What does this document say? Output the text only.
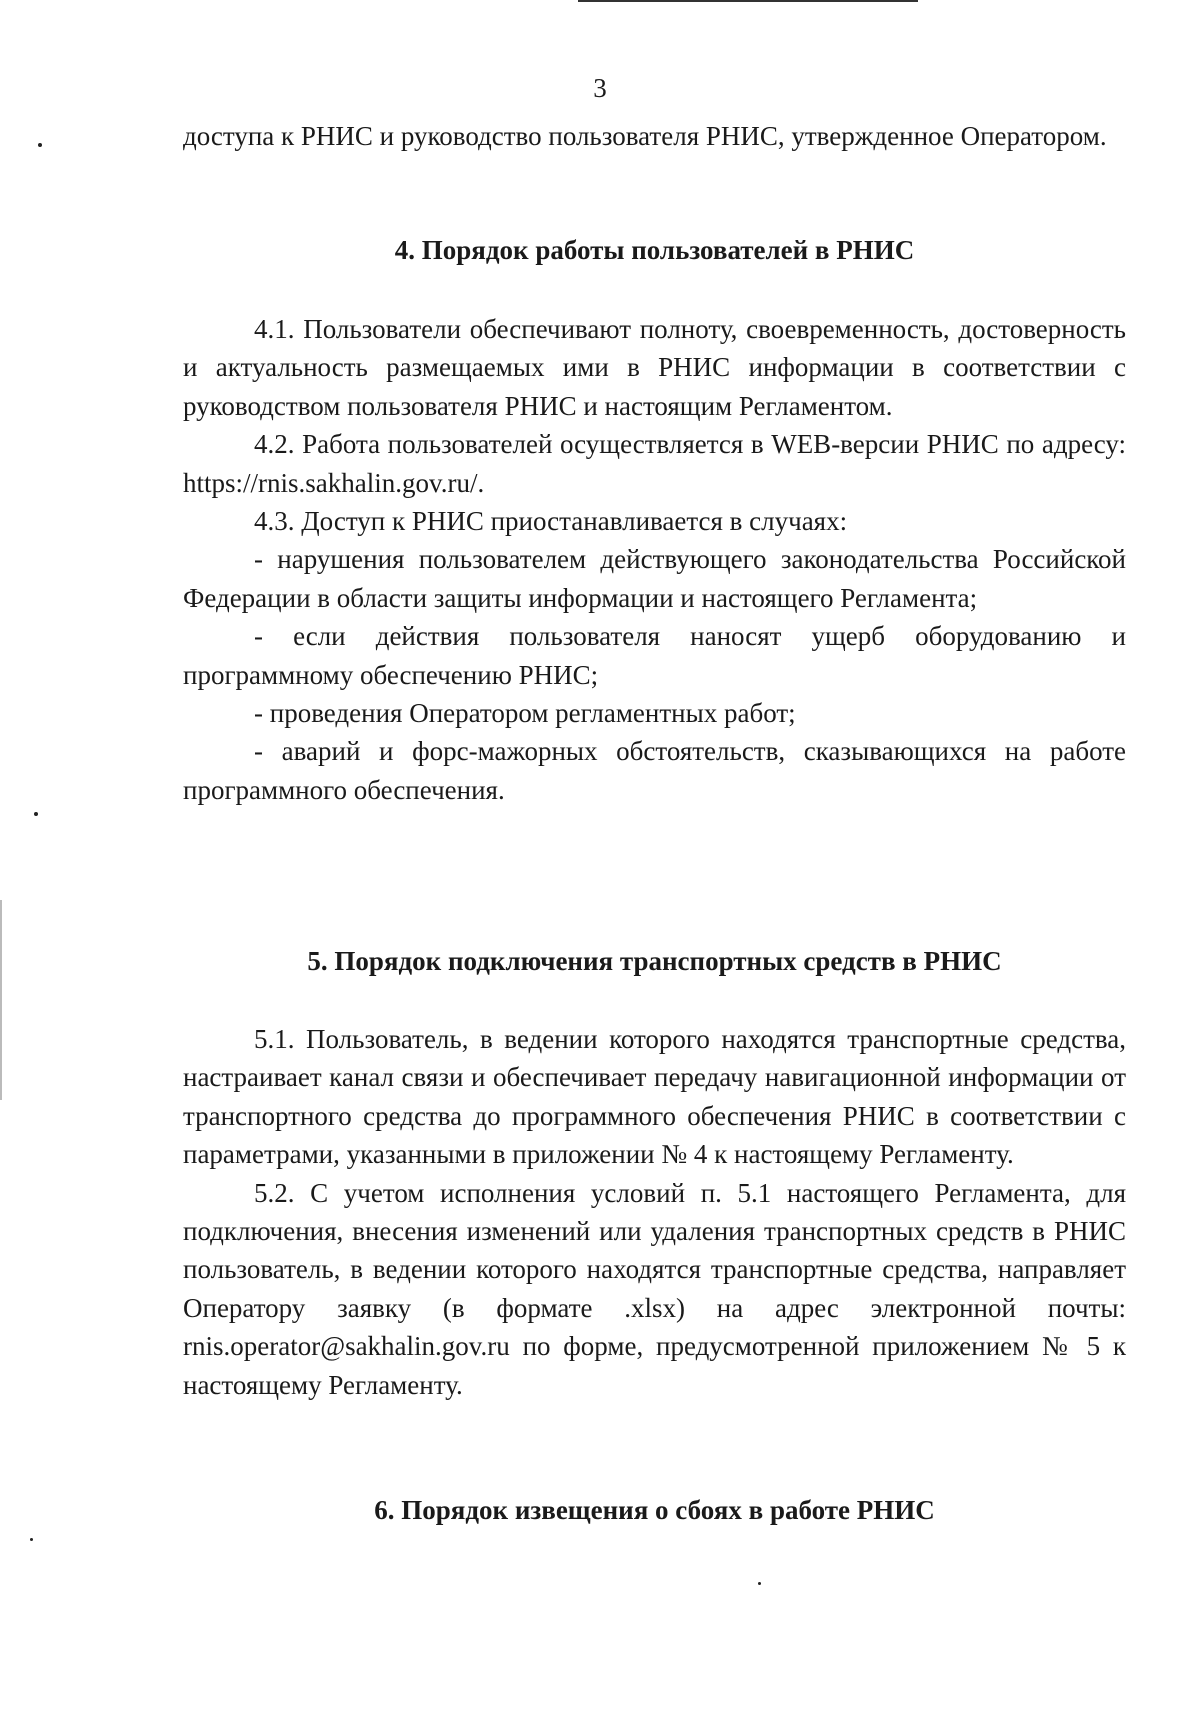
3

доступа к РНИС и руководство пользователя РНИС, утвержденное Оператором.

4. Порядок работы пользователей в РНИС

4.1. Пользователи обеспечивают полноту, своевременность, достоверность и актуальность размещаемых ими в РНИС информации в соответствии с руководством пользователя РНИС и настоящим Регламентом.

4.2. Работа пользователей осуществляется в WEB-версии РНИС по адресу: https://rnis.sakhalin.gov.ru/.

4.3. Доступ к РНИС приостанавливается в случаях:

- нарушения пользователем действующего законодательства Российской Федерации в области защиты информации и настоящего Регламента;

- если действия пользователя наносят ущерб оборудованию и программному обеспечению РНИС;

- проведения Оператором регламентных работ;

- аварий и форс-мажорных обстоятельств, сказывающихся на работе программного обеспечения.

5. Порядок подключения транспортных средств в РНИС

5.1. Пользователь, в ведении которого находятся транспортные средства, настраивает канал связи и обеспечивает передачу навигационной информации от транспортного средства до программного обеспечения РНИС в соответствии с параметрами, указанными в приложении № 4 к настоящему Регламенту.

5.2. С учетом исполнения условий п. 5.1 настоящего Регламента, для подключения, внесения изменений или удаления транспортных средств в РНИС пользователь, в ведении которого находятся транспортные средства, направляет Оператору заявку (в формате .xlsx) на адрес электронной почты: rnis.operator@sakhalin.gov.ru по форме, предусмотренной приложением № 5 к настоящему Регламенту.

6. Порядок извещения о сбоях в работе РНИС
